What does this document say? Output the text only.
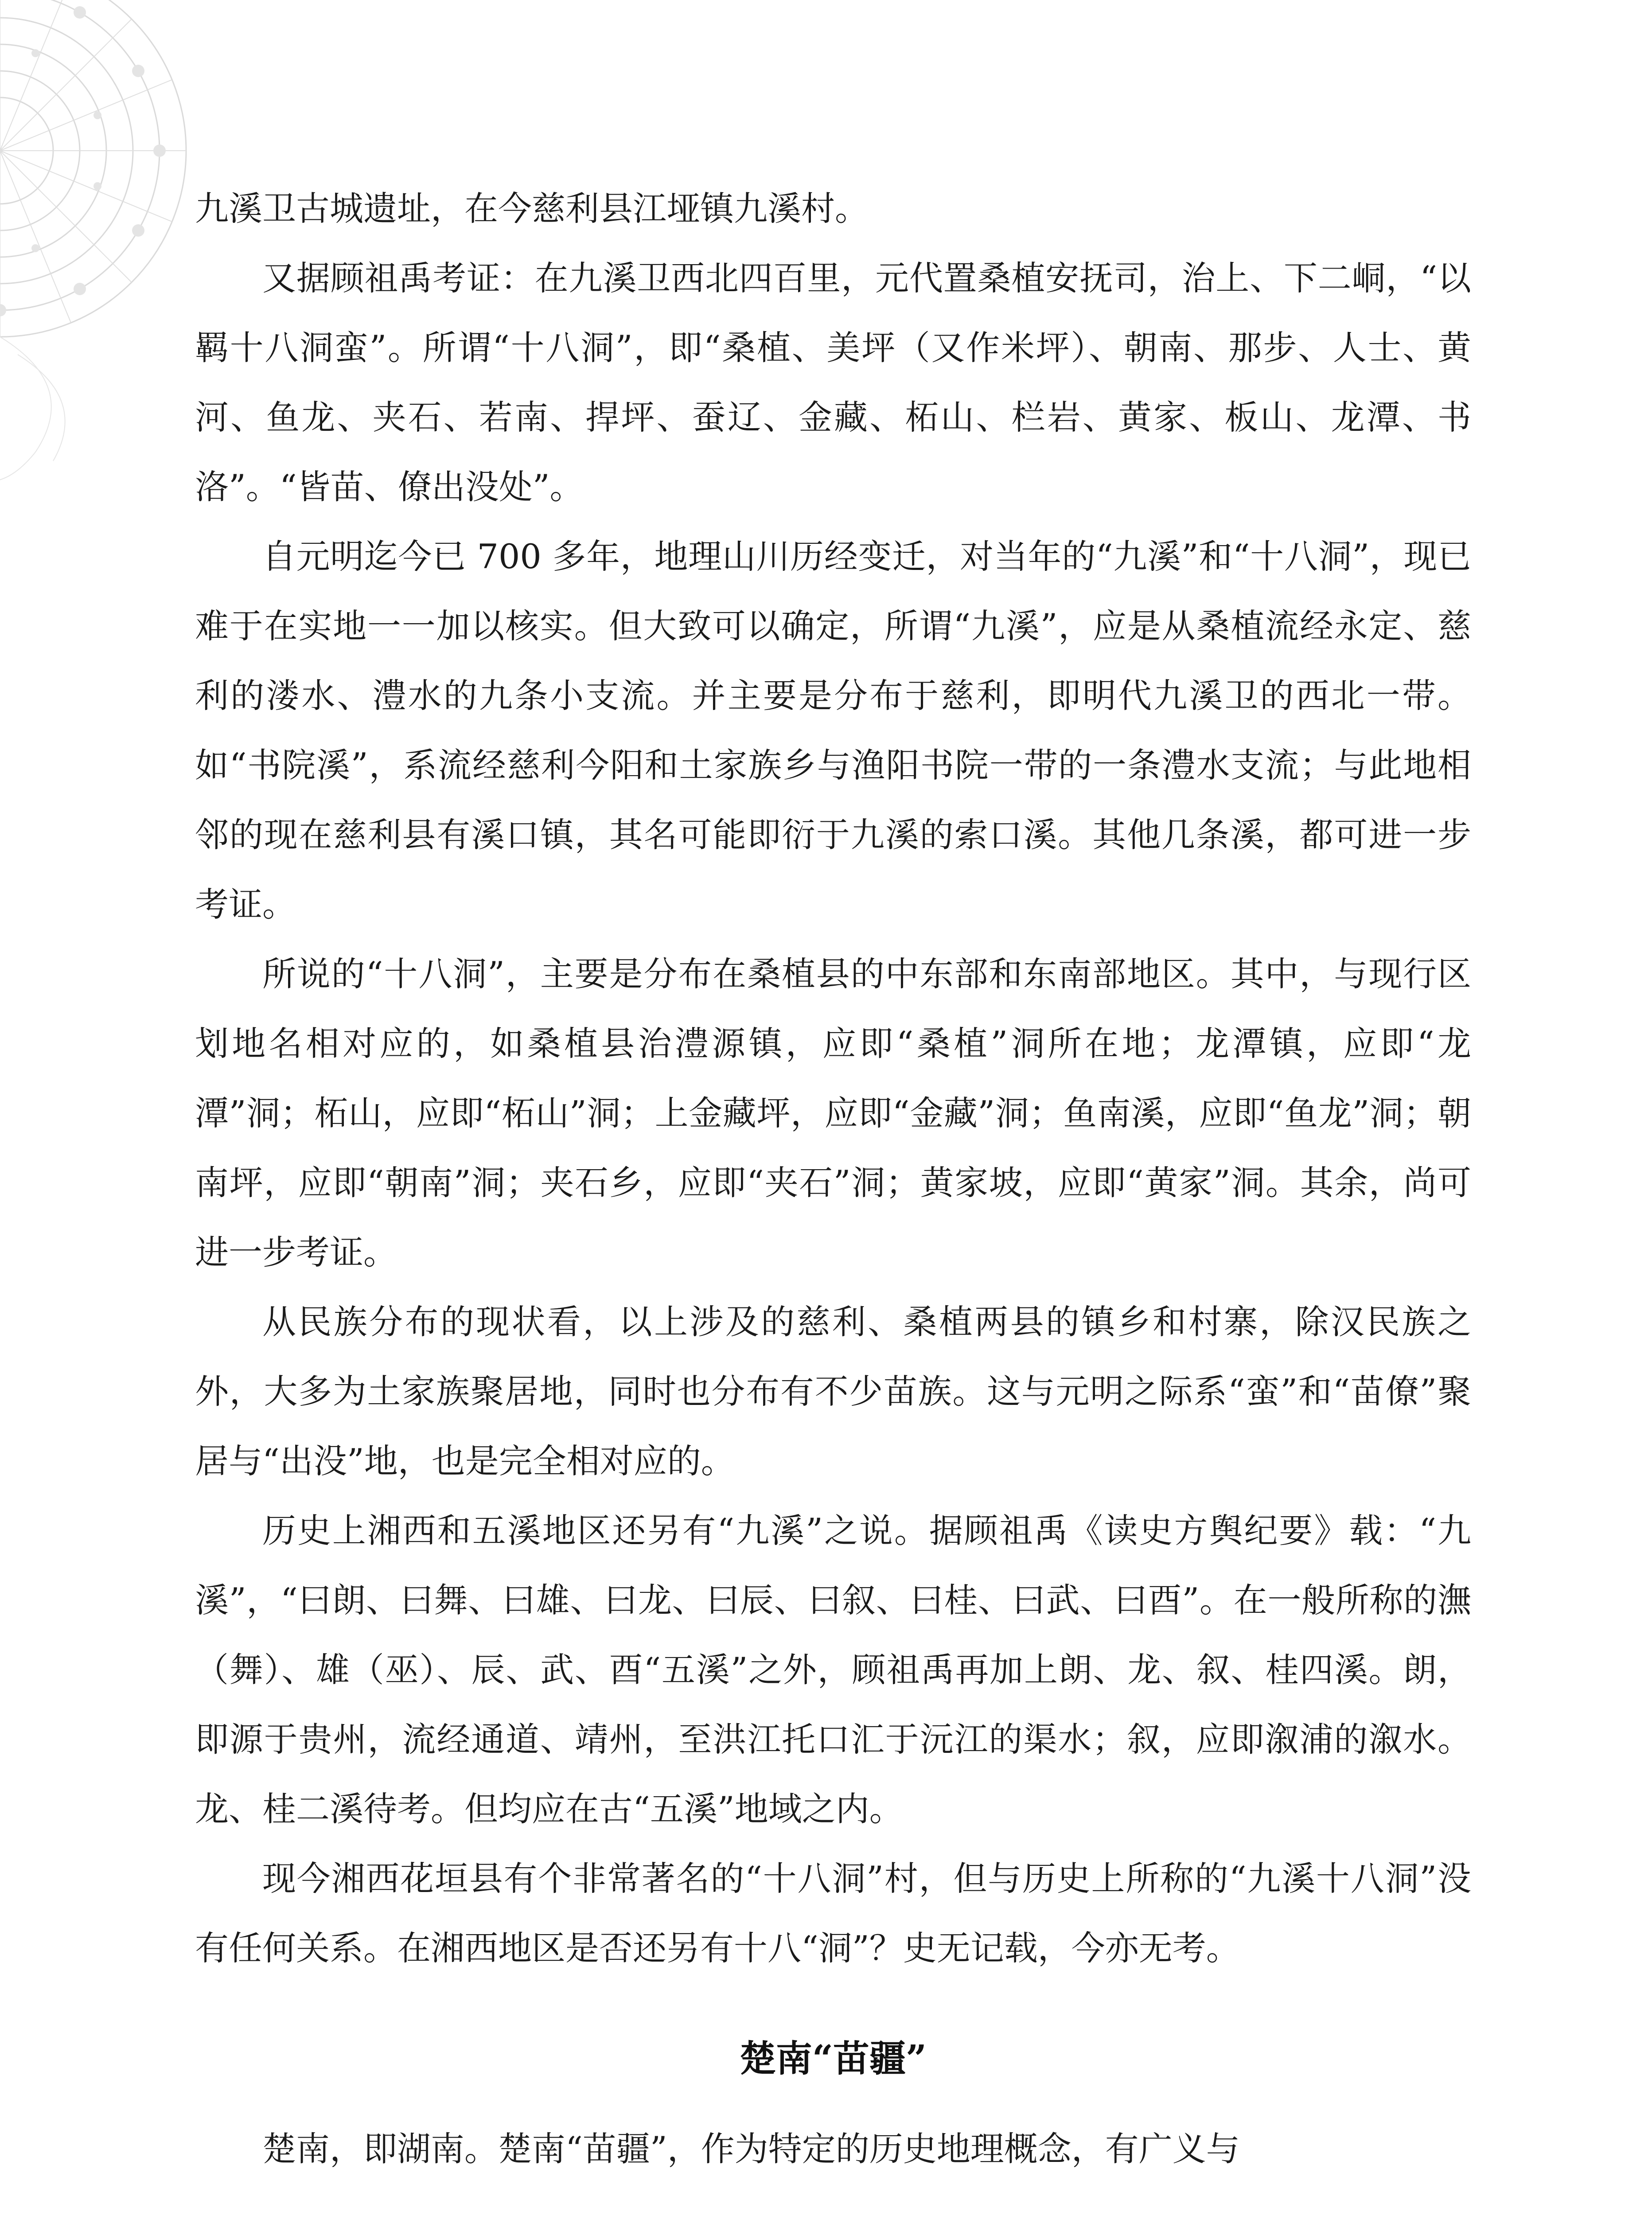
九溪卫古城遗址，在今慈利县江垭镇九溪村。

又据顾祖禹考证：在九溪卫西北四百里，元代置桑植安抚司，治上、下二峒，“以羁十八洞蛮”。所谓“十八洞”，即“桑植、美坪（又作米坪）、朝南、那步、人士、黄河、鱼龙、夹石、若南、捍坪、蚕辽、金藏、柘山、栏岩、黄家、板山、龙潭、书洛”。“皆苗、僚出没处”。

自元明迄今已 700 多年，地理山川历经变迁，对当年的“九溪”和“十八洞”，现已难于在实地一一加以核实。但大致可以确定，所谓“九溪”，应是从桑植流经永定、慈利的溇水、澧水的九条小支流。并主要是分布于慈利，即明代九溪卫的西北一带。如“书院溪”，系流经慈利今阳和土家族乡与渔阳书院一带的一条澧水支流；与此地相邻的现在慈利县有溪口镇，其名可能即衍于九溪的索口溪。其他几条溪，都可进一步考证。

所说的“十八洞”，主要是分布在桑植县的中东部和东南部地区。其中，与现行区划地名相对应的，如桑植县治澧源镇，应即“桑植”洞所在地；龙潭镇，应即“龙潭”洞；柘山，应即“柘山”洞；上金藏坪，应即“金藏”洞；鱼南溪，应即“鱼龙”洞；朝南坪，应即“朝南”洞；夹石乡，应即“夹石”洞；黄家坡，应即“黄家”洞。其余，尚可进一步考证。

从民族分布的现状看，以上涉及的慈利、桑植两县的镇乡和村寨，除汉民族之外，大多为土家族聚居地，同时也分布有不少苗族。这与元明之际系“蛮”和“苗僚”聚居与“出没”地，也是完全相对应的。

历史上湘西和五溪地区还另有“九溪”之说。据顾祖禹《读史方舆纪要》载：“九溪”，“曰朗、曰舞、曰雄、曰龙、曰辰、曰叙、曰桂、曰武、曰酉”。在一般所称的潕（舞）、雄（巫）、辰、武、酉“五溪”之外，顾祖禹再加上朗、龙、叙、桂四溪。朗，即源于贵州，流经通道、靖州，至洪江托口汇于沅江的渠水；叙，应即溆浦的溆水。龙、桂二溪待考。但均应在古“五溪”地域之内。

现今湘西花垣县有个非常著名的“十八洞”村，但与历史上所称的“九溪十八洞”没有任何关系。在湘西地区是否还另有十八“洞”？史无记载，今亦无考。

楚南“苗疆”

楚南，即湖南。楚南“苗疆”，作为特定的历史地理概念，有广义与
